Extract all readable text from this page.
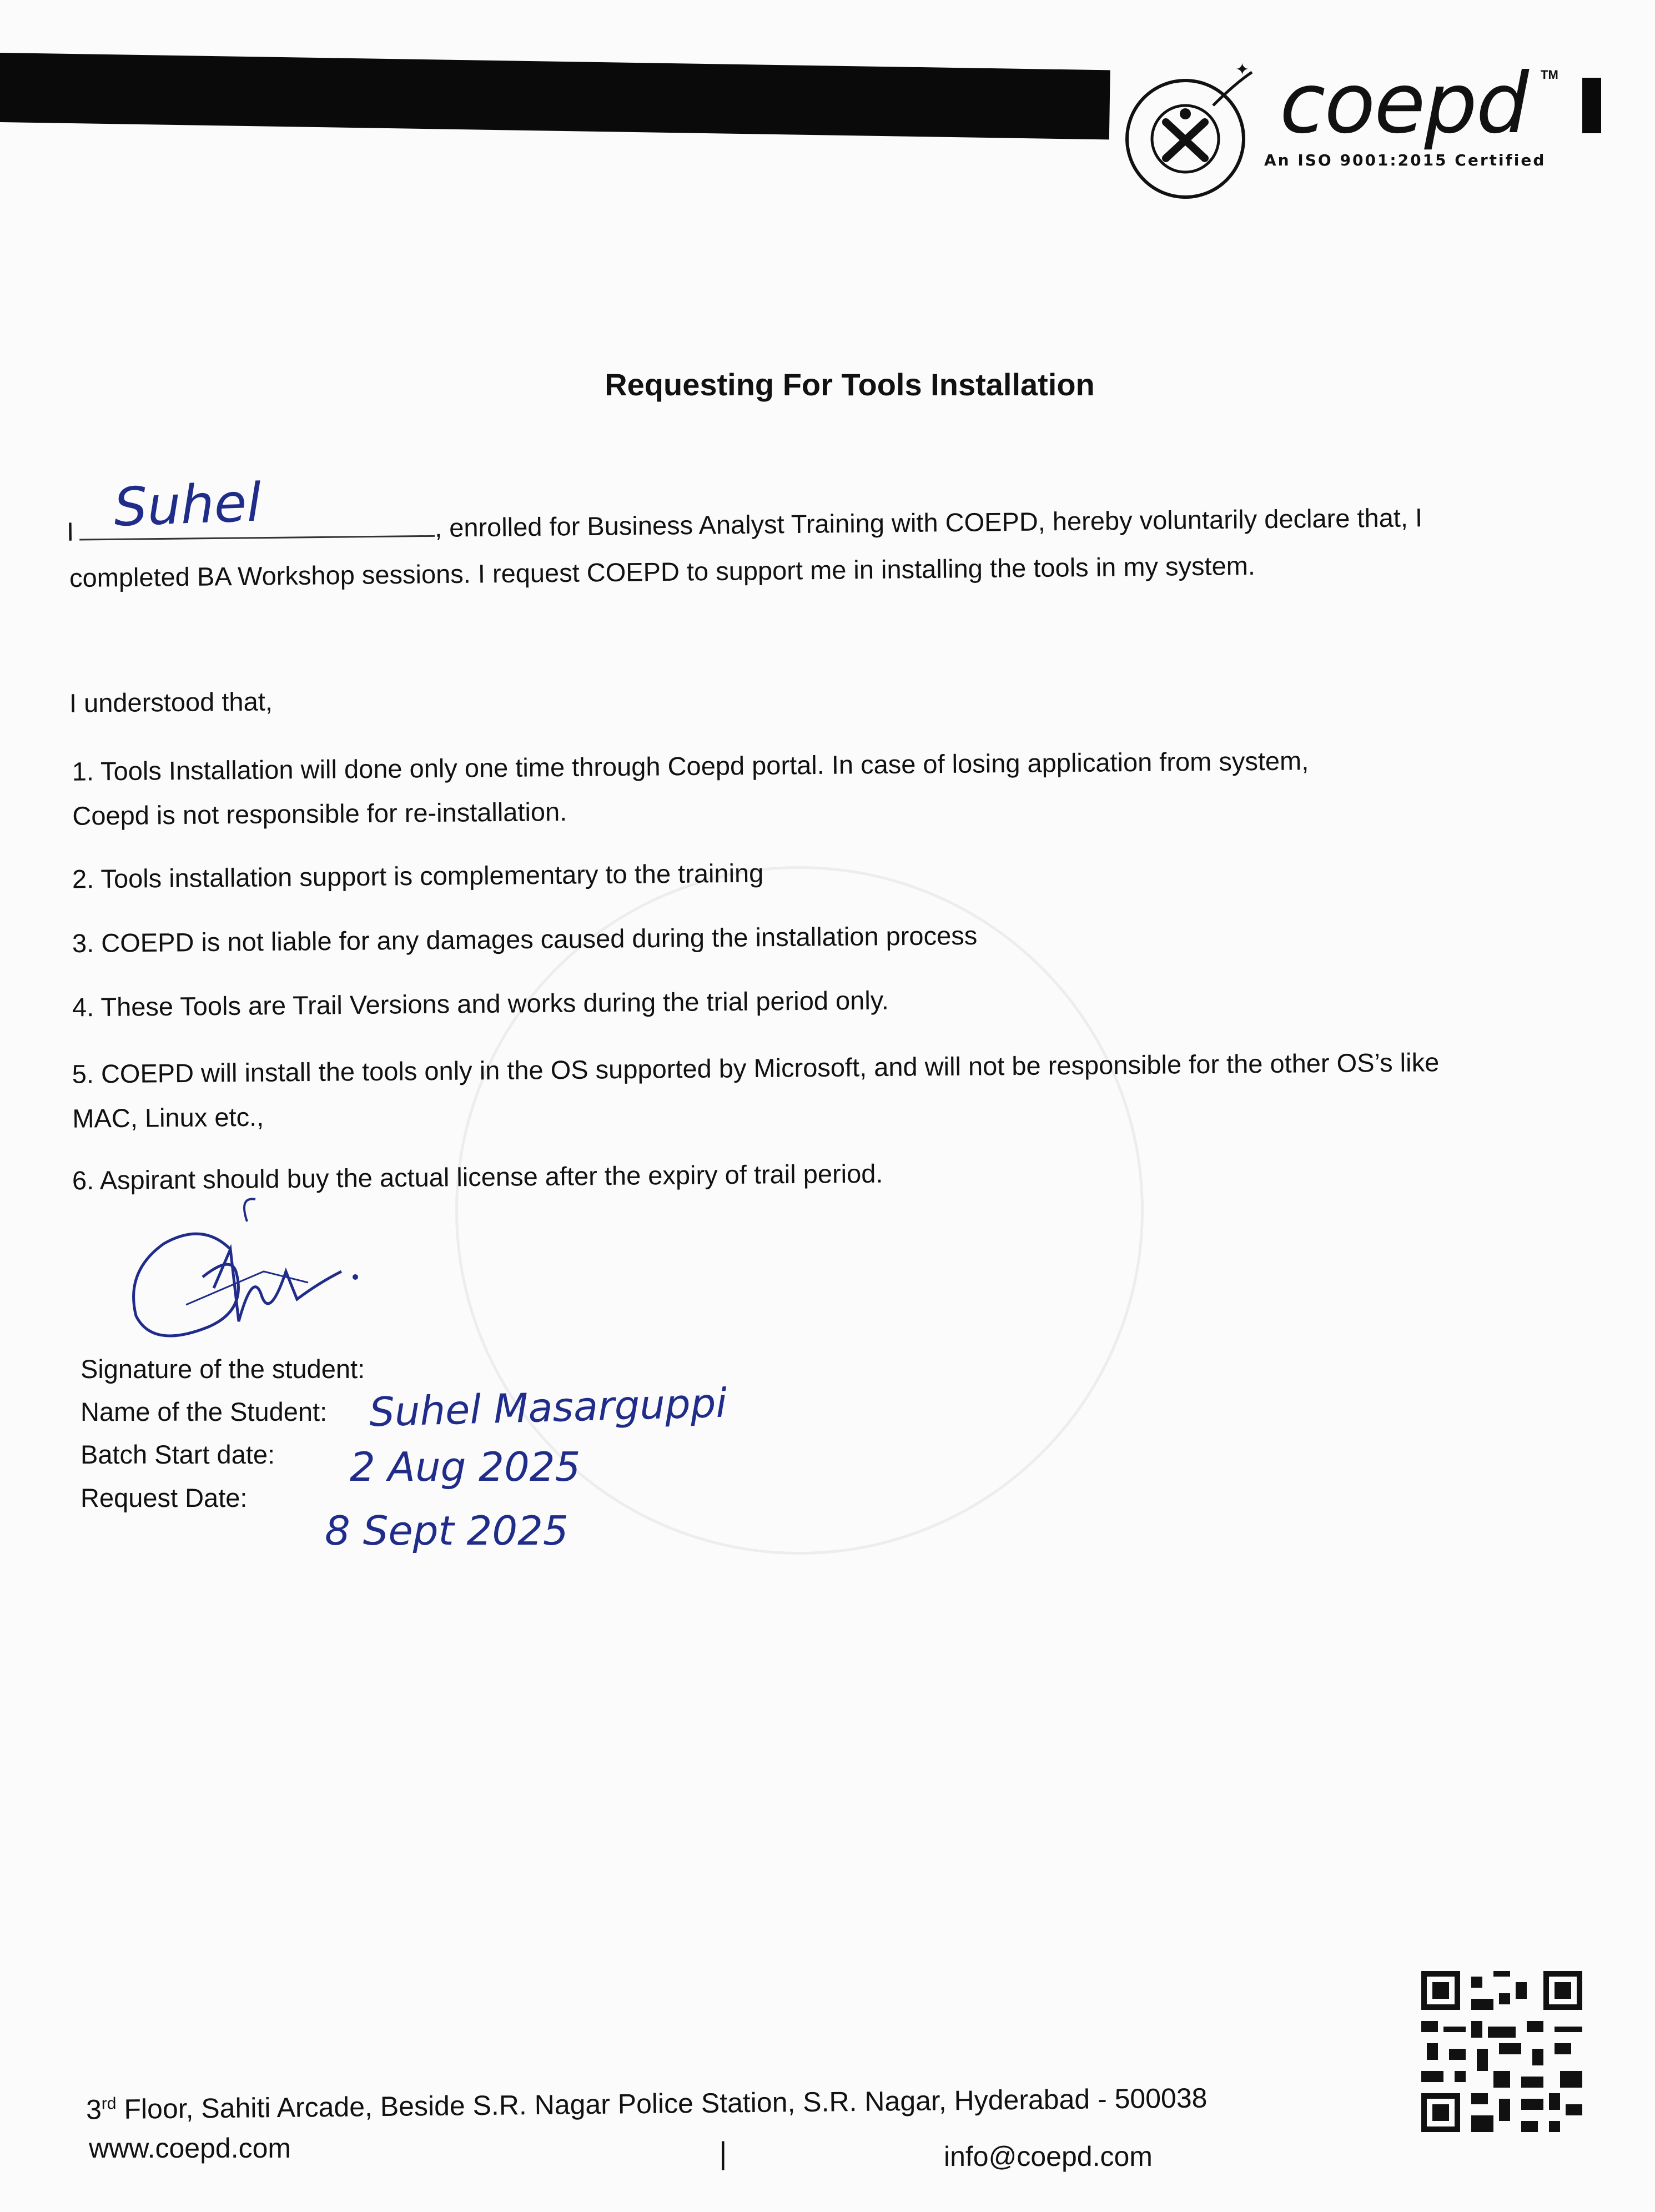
✦ coepd TM
An ISO 9001:2015 Certified
Requesting For Tools Installation
I	, enrolled for Business Analyst Training with COEPD, hereby voluntarily declare that, I
Suhel
completed BA Workshop sessions. I request COEPD to support me in installing the tools in my system.
I understood that,
1. Tools Installation will done only one time through Coepd portal. In case of losing application from system,
Coepd is not responsible for re-installation.
2. Tools installation support is complementary to the training
3. COEPD is not liable for any damages caused during the installation process
4. These Tools are Trail Versions and works during the trial period only.
5. COEPD will install the tools only in the OS supported by Microsoft, and will not be responsible for the other OS’s like
MAC, Linux etc.,
6. Aspirant should buy the actual license after the expiry of trail period.
Signature of the student:
Name of the Student: Suhel Masarguppi
Batch Start date: 2 Aug 2025
Request Date:
8 Sept 2025
3rd Floor, Sahiti Arcade, Beside S.R. Nagar Police Station, S.R. Nagar, Hyderabad - 500038
www.coepd.com	|	info@coepd.com
